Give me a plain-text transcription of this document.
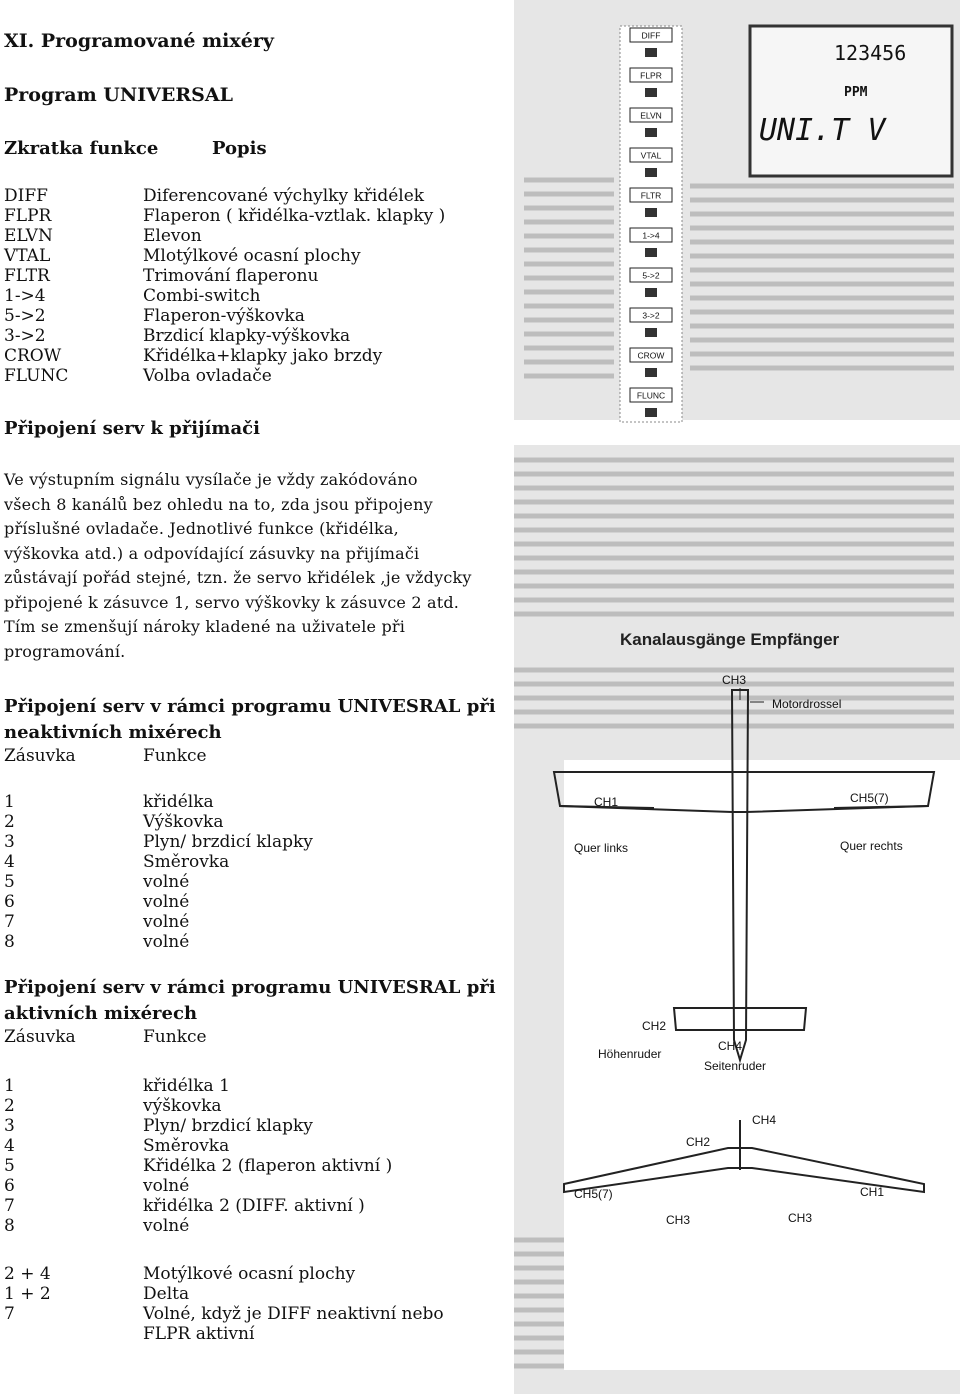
XI. Programované mixéry
Program UNIVERSAL
Zkratka funkce	Popis
DIFF	Diferencované výchylky křidélek
FLPR	Flaperon ( křidélka-vztlak. klapky )
ELVN	Elevon
VTAL	Mlotýlkové ocasní plochy
FLTR	Trimování flaperonu
1->4	Combi-switch
5->2	Flaperon-výškovka
3->2	Brzdicí klapky-výškovka
CROW	Křidélka+klapky jako brzdy
FLUNC	Volba ovladače
Připojení serv k přijímači
Ve výstupním signálu vysílače je vždy zakódováno
všech 8 kanálů bez ohledu na to, zda jsou připojeny
příslušné ovladače. Jednotlivé funkce (křidélka,
výškovka atd.) a odpovídající zásuvky na přijímači
zůstávají pořád stejné, tzn. že servo křidélek ,je vždycky
připojené k zásuvce 1, servo výškovky k zásuvce 2 atd.
Tím se zmenšují nároky kladené na uživatele při
programování.
Připojení serv v rámci programu UNIVESRAL při
neaktivních mixérech
Zásuvka	Funkce
1	křidélka
2	Výškovka
3	Plyn/ brzdicí klapky
4	Směrovka
5	volné
6	volné
7	volné
8	volné
Připojení serv v rámci programu UNIVESRAL při
aktivních mixérech
Zásuvka	Funkce
1	křidélka 1
2	výškovka
3	Plyn/ brzdicí klapky
4	Směrovka
5	Křidélka 2 (flaperon aktivní )
6	volné
7	křidélka 2 (DIFF. aktivní )
8	volné
2 + 4	Motýlkové ocasní plochy
1 + 2	Delta
7	Volné, když je DIFF neaktivní nebo
FLPR aktivní
DIFF
FLPR
ELVN
VTAL
FLTR
1->4
5->2
3->2
CROW
FLUNC
123456
PPM
UNI.T V
Kanalausgänge Empfänger
CH3
Motordrossel
CH1	CH5(7)
Quer links	Quer rechts
CH2
Höhenruder
CH4
Seitenruder
CH4
CH2
CH5(7)	CH1
CH3	CH3
